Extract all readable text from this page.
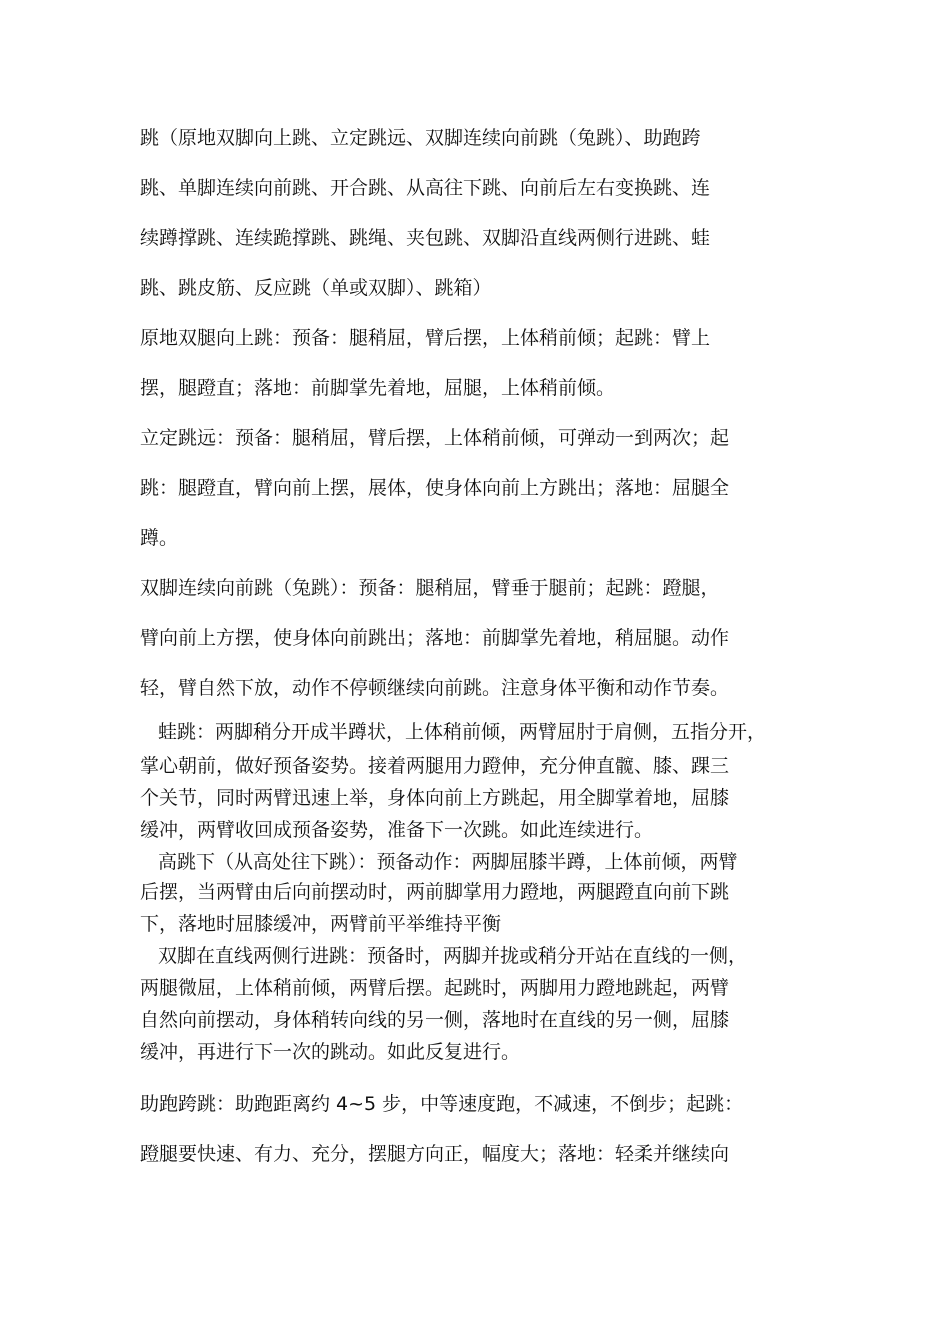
跳（原地双脚向上跳、立定跳远、双脚连续向前跳（兔跳）、助跑跨
跳、单脚连续向前跳、开合跳、从高往下跳、向前后左右变换跳、连
续蹲撑跳、连续跪撑跳、跳绳、夹包跳、双脚沿直线两侧行进跳、蛙
跳、跳皮筋、反应跳（单或双脚）、跳箱）
原地双腿向上跳：预备：腿稍屈，臂后摆，上体稍前倾；起跳：臂上
摆，腿蹬直；落地：前脚掌先着地，屈腿，上体稍前倾。
立定跳远：预备：腿稍屈，臂后摆，上体稍前倾，可弹动一到两次；起
跳：腿蹬直，臂向前上摆，展体，使身体向前上方跳出；落地：屈腿全
蹲。
双脚连续向前跳（兔跳）：预备：腿稍屈，臂垂于腿前；起跳：蹬腿，
臂向前上方摆，使身体向前跳出；落地：前脚掌先着地，稍屈腿。动作
轻，臂自然下放，动作不停顿继续向前跳。注意身体平衡和动作节奏。
蛙跳：两脚稍分开成半蹲状，上体稍前倾，两臂屈肘于肩侧，五指分开，
掌心朝前，做好预备姿势。接着两腿用力蹬伸，充分伸直髋、膝、踝三
个关节，同时两臂迅速上举，身体向前上方跳起，用全脚掌着地，屈膝
缓冲，两臂收回成预备姿势，准备下一次跳。如此连续进行。
高跳下（从高处往下跳）：预备动作：两脚屈膝半蹲，上体前倾，两臂
后摆，当两臂由后向前摆动时，两前脚掌用力蹬地，两腿蹬直向前下跳
下，落地时屈膝缓冲，两臂前平举维持平衡
双脚在直线两侧行进跳：预备时，两脚并拢或稍分开站在直线的一侧，
两腿微屈，上体稍前倾，两臂后摆。起跳时，两脚用力蹬地跳起，两臂
自然向前摆动，身体稍转向线的另一侧，落地时在直线的另一侧，屈膝
缓冲，再进行下一次的跳动。如此反复进行。
助跑跨跳：助跑距离约 4~5 步，中等速度跑，不减速，不倒步；起跳：
蹬腿要快速、有力、充分，摆腿方向正，幅度大；落地：轻柔并继续向
